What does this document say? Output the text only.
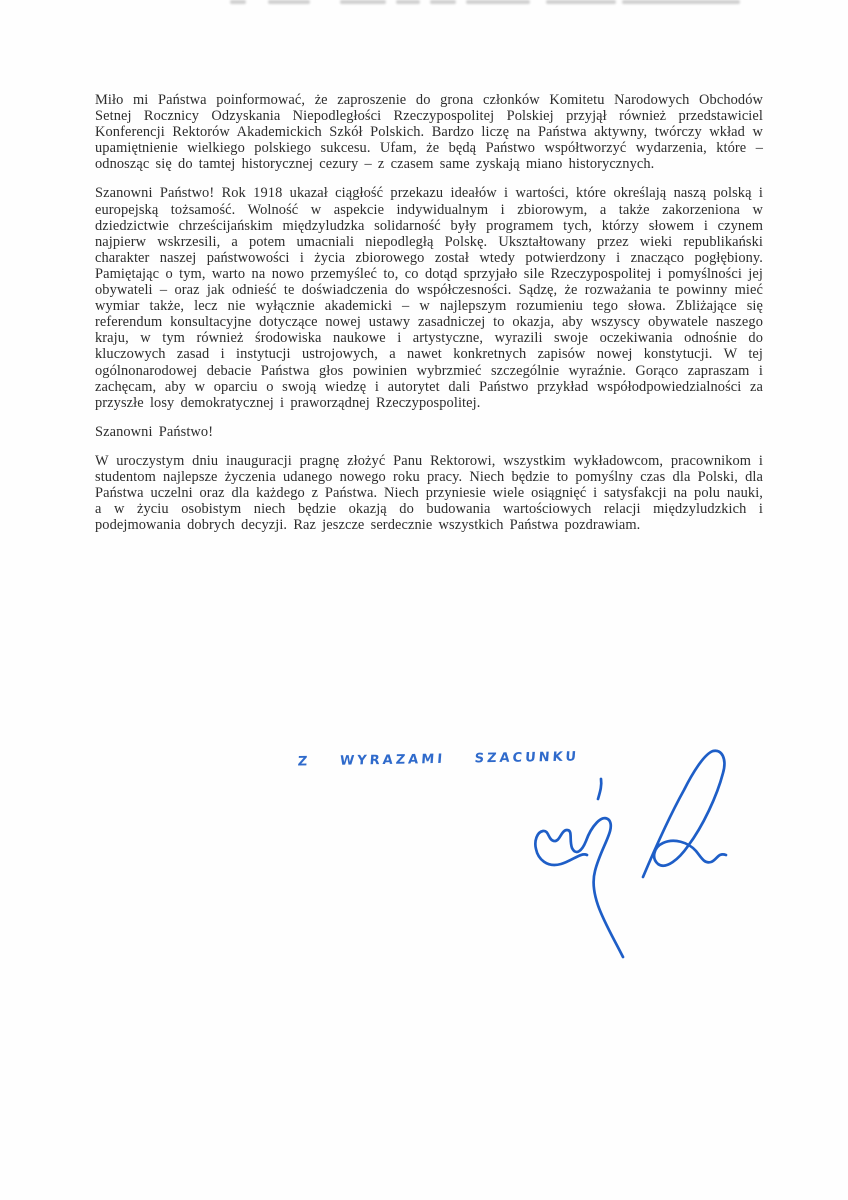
Miło mi Państwa poinformować, że zaproszenie do grona członków Komitetu Narodowych Obchodów Setnej Rocznicy Odzyskania Niepodległości Rzeczypospolitej Polskiej przyjął również przedstawiciel Konferencji Rektorów Akademickich Szkół Polskich. Bardzo liczę na Państwa aktywny, twórczy wkład w upamiętnienie wielkiego polskiego sukcesu. Ufam, że będą Państwo współtworzyć wydarzenia, które – odnosząc się do tamtej historycznej cezury – z czasem same zyskają miano historycznych.

Szanowni Państwo! Rok 1918 ukazał ciągłość przekazu ideałów i wartości, które określają naszą polską i europejską tożsamość. Wolność w aspekcie indywidualnym i zbiorowym, a także zakorzeniona w dziedzictwie chrześcijańskim międzyludzka solidarność były programem tych, którzy słowem i czynem najpierw wskrzesili, a potem umacniali niepodległą Polskę. Ukształtowany przez wieki republikański charakter naszej państwowości i życia zbiorowego został wtedy potwierdzony i znacząco pogłębiony. Pamiętając o tym, warto na nowo przemyśleć to, co dotąd sprzyjało sile Rzeczypospolitej i pomyślności jej obywateli – oraz jak odnieść te doświadczenia do współczesności. Sądzę, że rozważania te powinny mieć wymiar także, lecz nie wyłącznie akademicki – w najlepszym rozumieniu tego słowa. Zbliżające się referendum konsultacyjne dotyczące nowej ustawy zasadniczej to okazja, aby wszyscy obywatele naszego kraju, w tym również środowiska naukowe i artystyczne, wyrazili swoje oczekiwania odnośnie do kluczowych zasad i instytucji ustrojowych, a nawet konkretnych zapisów nowej konstytucji. W tej ogólnonarodowej debacie Państwa głos powinien wybrzmieć szczególnie wyraźnie. Gorąco zapraszam i zachęcam, aby w oparciu o swoją wiedzę i autorytet dali Państwo przykład współodpowiedzialności za przyszłe losy demokratycznej i praworządnej Rzeczypospolitej.

Szanowni Państwo!

W uroczystym dniu inauguracji pragnę złożyć Panu Rektorowi, wszystkim wykładowcom, pracownikom i studentom najlepsze życzenia udanego nowego roku pracy. Niech będzie to pomyślny czas dla Polski, dla Państwa uczelni oraz dla każdego z Państwa. Niech przyniesie wiele osiągnięć i satysfakcji na polu nauki, a w życiu osobistym niech będzie okazją do budowania wartościowych relacji międzyludzkich i podejmowania dobrych decyzji. Raz jeszcze serdecznie wszystkich Państwa pozdrawiam.

Z WYRAZAMI SZACUNKU
